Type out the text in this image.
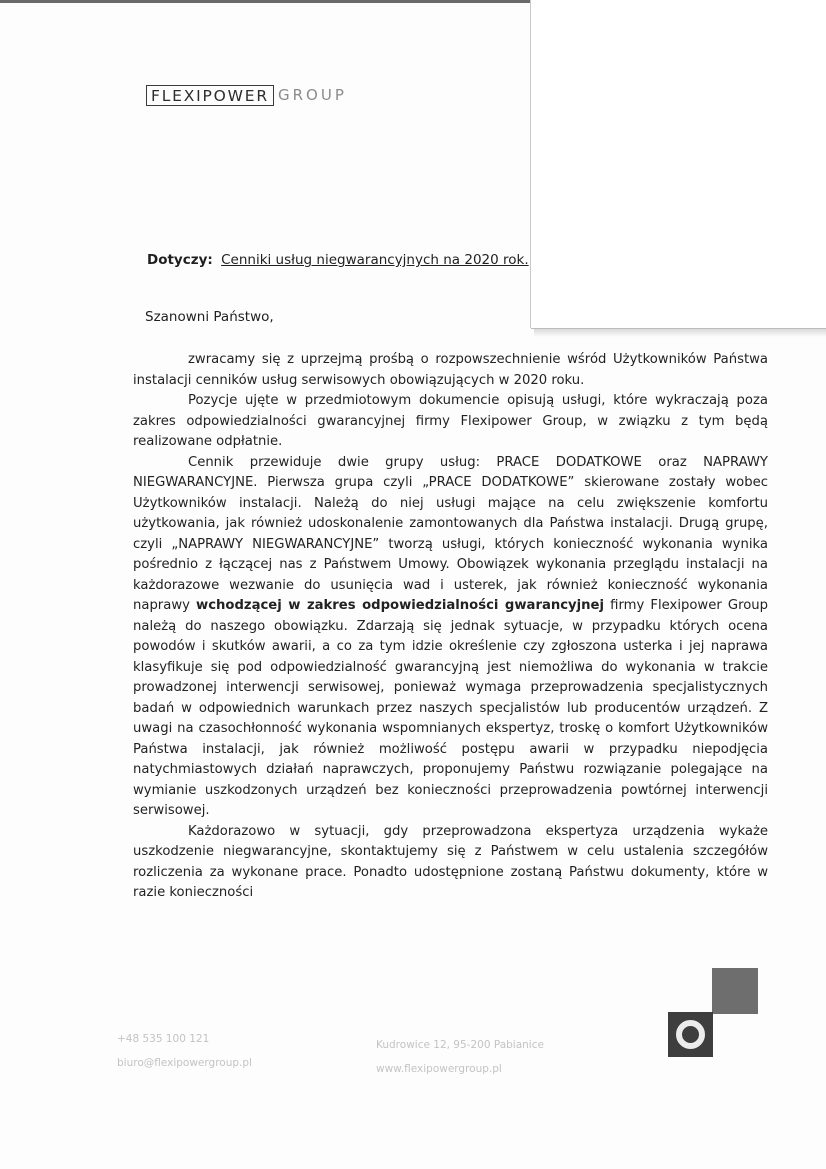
FLEXIPOWER GROUP
Dotyczy: Cenniki usług niegwarancyjnych na 2020 rok.
Szanowni Państwo,

zwracamy się z uprzejmą prośbą o rozpowszechnienie wśród Użytkowników Państwa instalacji cenników usług serwisowych obowiązujących w 2020 roku.

Pozycje ujęte w przedmiotowym dokumencie opisują usługi, które wykraczają poza zakres odpowiedzialności gwarancyjnej firmy Flexipower Group, w związku z tym będą realizowane odpłatnie.

Cennik przewiduje dwie grupy usług: PRACE DODATKOWE oraz NAPRAWY NIEGWARANCYJNE. Pierwsza grupa czyli „PRACE DODATKOWE” skierowane zostały wobec Użytkowników instalacji. Należą do niej usługi mające na celu zwiększenie komfortu użytkowania, jak również udoskonalenie zamontowanych dla Państwa instalacji. Drugą grupę, czyli „NAPRAWY NIEGWARANCYJNE” tworzą usługi, których konieczność wykonania wynika pośrednio z łączącej nas z Państwem Umowy. Obowiązek wykonania przeglądu instalacji na każdorazowe wezwanie do usunięcia wad i usterek, jak również konieczność wykonania naprawy wchodzącej w zakres odpowiedzialności gwarancyjnej firmy Flexipower Group należą do naszego obowiązku. Zdarzają się jednak sytuacje, w przypadku których ocena powodów i skutków awarii, a co za tym idzie określenie czy zgłoszona usterka i jej naprawa klasyfikuje się pod odpowiedzialność gwarancyjną jest niemożliwa do wykonania w trakcie prowadzonej interwencji serwisowej, ponieważ wymaga przeprowadzenia specjalistycznych badań w odpowiednich warunkach przez naszych specjalistów lub producentów urządzeń. Z uwagi na czasochłonność wykonania wspomnianych ekspertyz, troskę o komfort Użytkowników Państwa instalacji, jak również możliwość postępu awarii w przypadku niepodjęcia natychmiastowych działań naprawczych, proponujemy Państwu rozwiązanie polegające na wymianie uszkodzonych urządzeń bez konieczności przeprowadzenia powtórnej interwencji serwisowej.

Każdorazowo w sytuacji, gdy przeprowadzona ekspertyza urządzenia wykaże uszkodzenie niegwarancyjne, skontaktujemy się z Państwem w celu ustalenia szczegółów rozliczenia za wykonane prace. Ponadto udostępnione zostaną Państwu dokumenty, które w razie konieczności

+48 535 100 121
biuro@flexipowergroup.pl
Kudrowice 12, 95-200 Pabianice
www.flexipowergroup.pl
